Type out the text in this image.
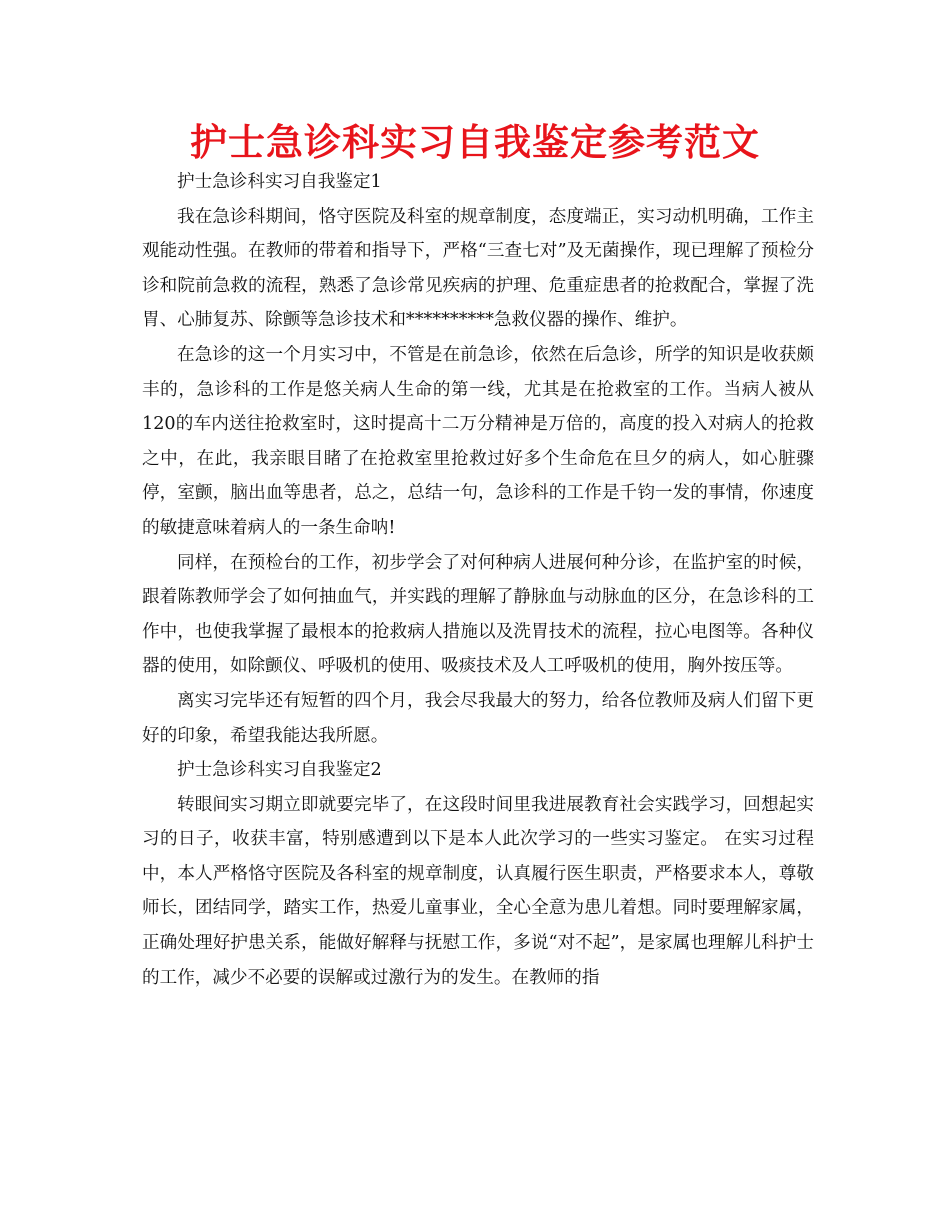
护士急诊科实习自我鉴定参考范文

护士急诊科实习自我鉴定1

我在急诊科期间，恪守医院及科室的规章制度，态度端正，实习动机明确，工作主观能动性强。在教师的带着和指导下，严格“三查七对”及无菌操作，现已理解了预检分诊和院前急救的流程，熟悉了急诊常见疾病的护理、危重症患者的抢救配合，掌握了洗胃、心肺复苏、除颤等急诊技术和**********急救仪器的操作、维护。

在急诊的这一个月实习中，不管是在前急诊，依然在后急诊，所学的知识是收获颇丰的，急诊科的工作是悠关病人生命的第一线，尤其是在抢救室的工作。当病人被从120的车内送往抢救室时，这时提高十二万分精神是万倍的，高度的投入对病人的抢救之中，在此，我亲眼目睹了在抢救室里抢救过好多个生命危在旦夕的病人，如心脏骤停，室颤，脑出血等患者，总之，总结一句，急诊科的工作是千钧一发的事情，你速度的敏捷意味着病人的一条生命呐!

同样，在预检台的工作，初步学会了对何种病人进展何种分诊，在监护室的时候，跟着陈教师学会了如何抽血气，并实践的理解了静脉血与动脉血的区分，在急诊科的工作中，也使我掌握了最根本的抢救病人措施以及洗胃技术的流程，拉心电图等。各种仪器的使用，如除颤仪、呼吸机的使用、吸痰技术及人工呼吸机的使用，胸外按压等。

离实习完毕还有短暂的四个月，我会尽我最大的努力，给各位教师及病人们留下更好的印象，希望我能达我所愿。

护士急诊科实习自我鉴定2

转眼间实习期立即就要完毕了，在这段时间里我进展教育社会实践学习，回想起实习的日子，收获丰富，特别感遭到以下是本人此次学习的一些实习鉴定。 在实习过程中，本人严格恪守医院及各科室的规章制度，认真履行医生职责，严格要求本人，尊敬师长，团结同学，踏实工作，热爱儿童事业，全心全意为患儿着想。同时要理解家属，正确处理好护患关系，能做好解释与抚慰工作，多说“对不起”，是家属也理解儿科护士的工作，减少不必要的误解或过激行为的发生。在教师的指
